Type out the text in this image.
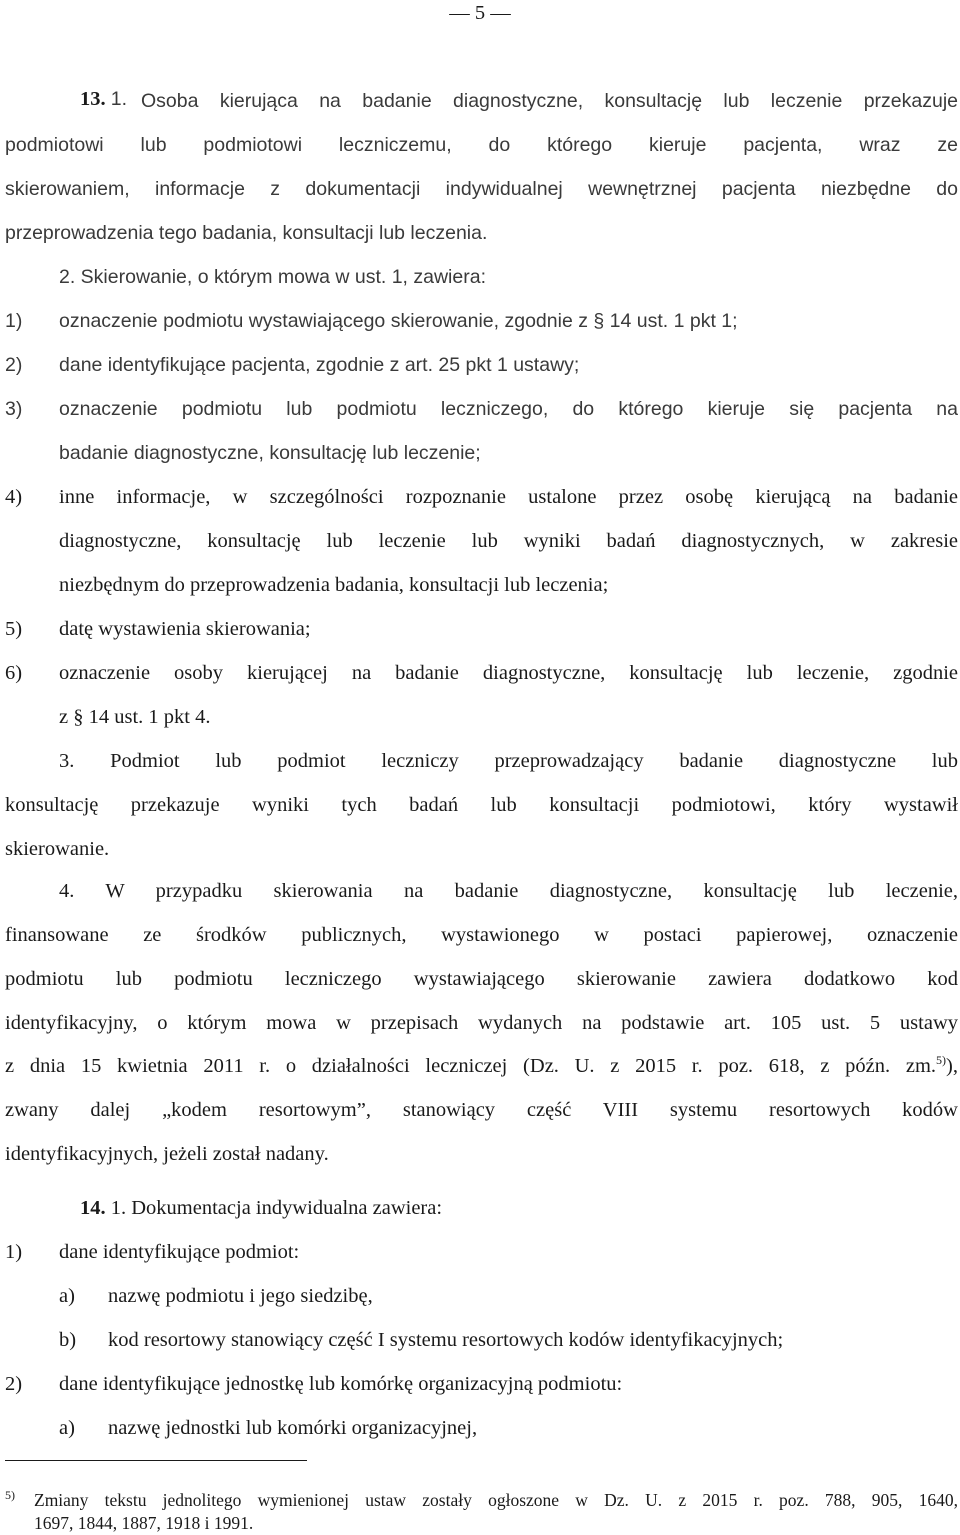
— 5 —
13. 1. Osoba kierująca na badanie diagnostyczne, konsultację lub leczenie przekazuje
podmiotowi lub podmiotowi leczniczemu, do którego kieruje pacjenta, wraz ze
skierowaniem, informacje z dokumentacji indywidualnej wewnętrznej pacjenta niezbędne do
przeprowadzenia tego badania, konsultacji lub leczenia.
2. Skierowanie, o którym mowa w ust. 1, zawiera:
1) oznaczenie podmiotu wystawiającego skierowanie, zgodnie z § 14 ust. 1 pkt 1;
2) dane identyfikujące pacjenta, zgodnie z art. 25 pkt 1 ustawy;
3) oznaczenie podmiotu lub podmiotu leczniczego, do którego kieruje się pacjenta na
badanie diagnostyczne, konsultację lub leczenie;
4) inne informacje, w szczególności rozpoznanie ustalone przez osobę kierującą na badanie
diagnostyczne, konsultację lub leczenie lub wyniki badań diagnostycznych, w zakresie
niezbędnym do przeprowadzenia badania, konsultacji lub leczenia;
5) datę wystawienia skierowania;
6) oznaczenie osoby kierującej na badanie diagnostyczne, konsultację lub leczenie, zgodnie
z § 14 ust. 1 pkt 4.
3. Podmiot lub podmiot leczniczy przeprowadzający badanie diagnostyczne lub
konsultację przekazuje wyniki tych badań lub konsultacji podmiotowi, który wystawił
skierowanie.
4. W przypadku skierowania na badanie diagnostyczne, konsultację lub leczenie,
finansowane ze środków publicznych, wystawionego w postaci papierowej, oznaczenie
podmiotu lub podmiotu leczniczego wystawiającego skierowanie zawiera dodatkowo kod
identyfikacyjny, o którym mowa w przepisach wydanych na podstawie art. 105 ust. 5 ustawy
z dnia 15 kwietnia 2011 r. o działalności leczniczej (Dz. U. z 2015 r. poz. 618, z późn. zm.$^{5)}$),
zwany dalej „kodem resortowym”, stanowiący część VIII systemu resortowych kodów
identyfikacyjnych, jeżeli został nadany.
14. 1. Dokumentacja indywidualna zawiera:
1) dane identyfikujące podmiot:
a) nazwę podmiotu i jego siedzibę,
b) kod resortowy stanowiący część I systemu resortowych kodów identyfikacyjnych;
2) dane identyfikujące jednostkę lub komórkę organizacyjną podmiotu:
a) nazwę jednostki lub komórki organizacyjnej,
5) Zmiany tekstu jednolitego wymienionej ustaw zostały ogłoszone w Dz. U. z 2015 r. poz. 788, 905, 1640,
1697, 1844, 1887, 1918 i 1991.
